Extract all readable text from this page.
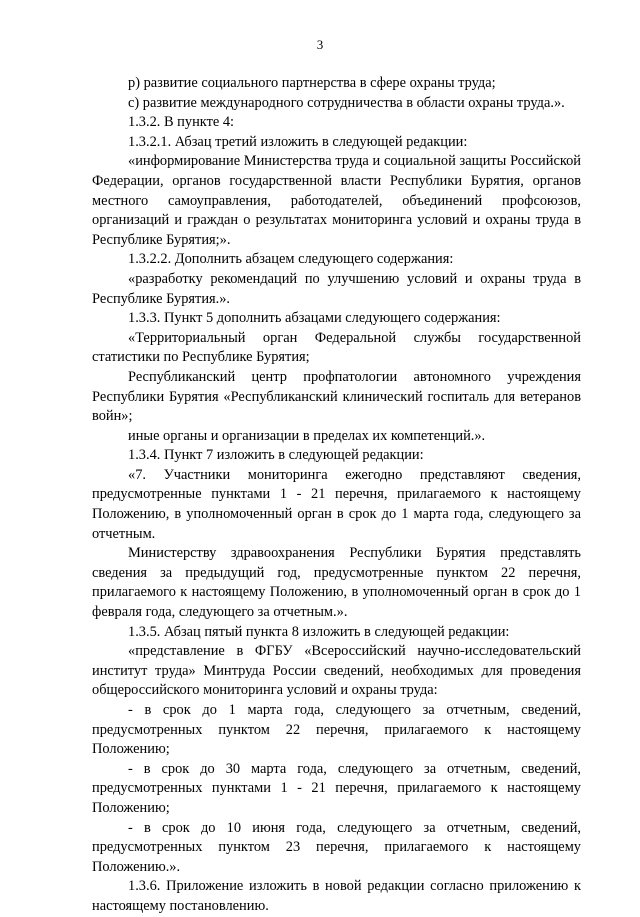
3

р) развитие социального партнерства в сфере охраны труда;

с) развитие международного сотрудничества в области охраны труда.».

1.3.2. В пункте 4:

1.3.2.1. Абзац третий изложить в следующей редакции:

«информирование Министерства труда и социальной защиты Российской Федерации, органов государственной власти Республики Бурятия, органов местного самоуправления, работодателей, объединений профсоюзов, организаций и граждан о результатах мониторинга условий и охраны труда в Республике Бурятия;».

1.3.2.2. Дополнить абзацем следующего содержания:

«разработку рекомендаций по улучшению условий и охраны труда в Республике Бурятия.».

1.3.3. Пункт 5 дополнить абзацами следующего содержания:

«Территориальный орган Федеральной службы государственной статистики по Республике Бурятия;

Республиканский центр профпатологии автономного учреждения Республики Бурятия «Республиканский клинический госпиталь для ветеранов войн»;

иные органы и организации в пределах их компетенций.».

1.3.4. Пункт 7 изложить в следующей редакции:

«7. Участники мониторинга ежегодно представляют сведения, предусмотренные пунктами 1 - 21 перечня, прилагаемого к настоящему Положению, в уполномоченный орган в срок до 1 марта года, следующего за отчетным.

Министерству здравоохранения Республики Бурятия представлять сведения за предыдущий год, предусмотренные пунктом 22 перечня, прилагаемого к настоящему Положению, в уполномоченный орган в срок до 1 февраля года, следующего за отчетным.».

1.3.5. Абзац пятый пункта 8 изложить в следующей редакции:

«представление в ФГБУ «Всероссийский научно-исследовательский институт труда» Минтруда России сведений, необходимых для проведения общероссийского мониторинга условий и охраны труда:

- в срок до 1 марта года, следующего за отчетным, сведений, предусмотренных пунктом 22 перечня, прилагаемого к настоящему Положению;

- в срок до 30 марта года, следующего за отчетным, сведений, предусмотренных пунктами 1 - 21 перечня, прилагаемого к настоящему Положению;

- в срок до 10 июня года, следующего за отчетным, сведений, предусмотренных пунктом 23 перечня, прилагаемого к настоящему Положению.».

1.3.6. Приложение изложить в новой редакции согласно приложению к настоящему постановлению.
